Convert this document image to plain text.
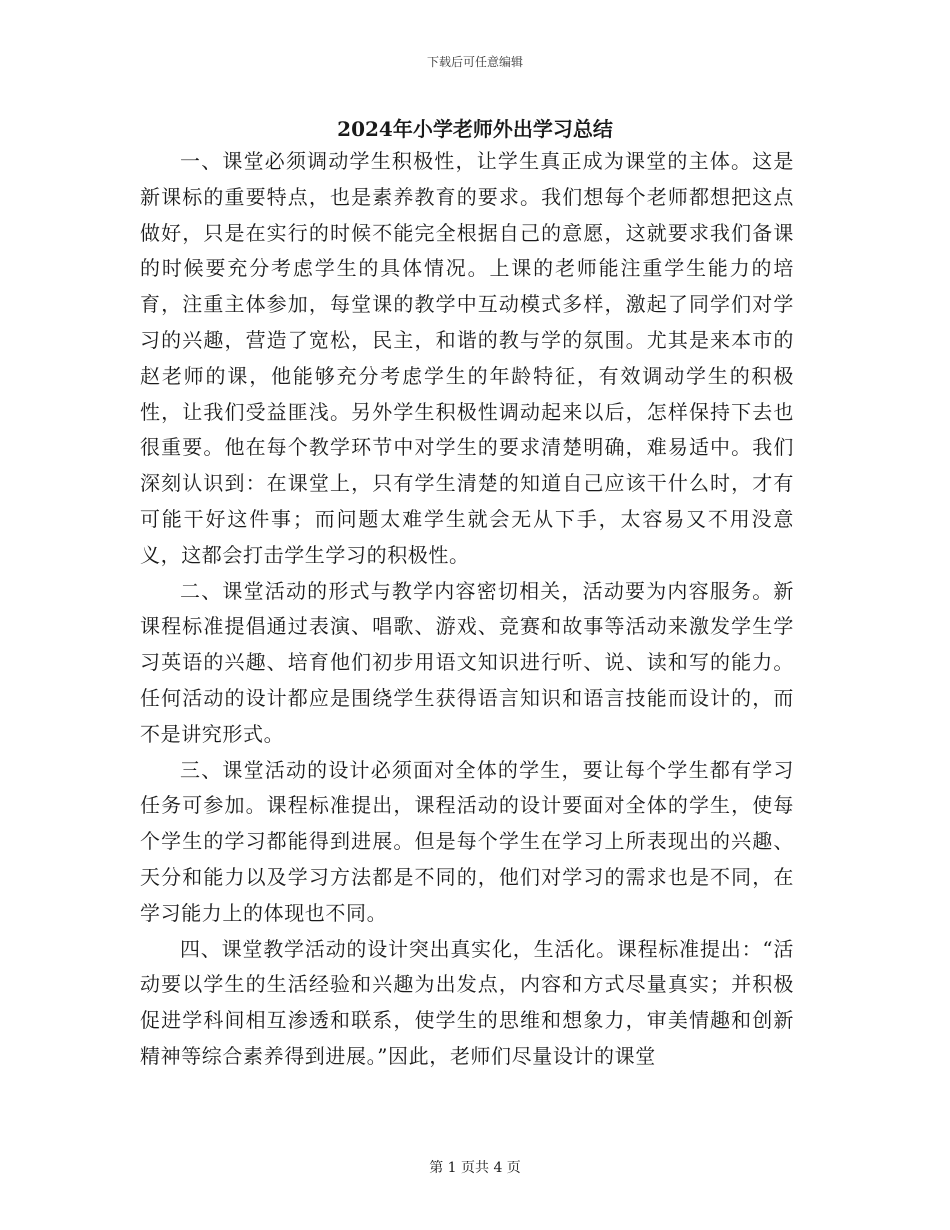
下载后可任意编辑
2024年小学老师外出学习总结

一、课堂必须调动学生积极性，让学生真正成为课堂的主体。这是新课标的重要特点，也是素养教育的要求。我们想每个老师都想把这点做好，只是在实行的时候不能完全根据自己的意愿，这就要求我们备课的时候要充分考虑学生的具体情况。上课的老师能注重学生能力的培育，注重主体参加，每堂课的教学中互动模式多样，激起了同学们对学习的兴趣，营造了宽松，民主，和谐的教与学的氛围。尤其是来本市的赵老师的课，他能够充分考虑学生的年龄特征，有效调动学生的积极性，让我们受益匪浅。另外学生积极性调动起来以后，怎样保持下去也很重要。他在每个教学环节中对学生的要求清楚明确，难易适中。我们深刻认识到：在课堂上，只有学生清楚的知道自己应该干什么时，才有可能干好这件事；而问题太难学生就会无从下手，太容易又不用没意义，这都会打击学生学习的积极性。

二、课堂活动的形式与教学内容密切相关，活动要为内容服务。新课程标准提倡通过表演、唱歌、游戏、竞赛和故事等活动来激发学生学习英语的兴趣、培育他们初步用语文知识进行听、说、读和写的能力。任何活动的设计都应是围绕学生获得语言知识和语言技能而设计的，而不是讲究形式。

三、课堂活动的设计必须面对全体的学生，要让每个学生都有学习任务可参加。课程标准提出，课程活动的设计要面对全体的学生，使每个学生的学习都能得到进展。但是每个学生在学习上所表现出的兴趣、天分和能力以及学习方法都是不同的，他们对学习的需求也是不同，在学习能力上的体现也不同。

四、课堂教学活动的设计突出真实化，生活化。课程标准提出：“活动要以学生的生活经验和兴趣为出发点，内容和方式尽量真实；并积极促进学科间相互渗透和联系，使学生的思维和想象力，审美情趣和创新精神等综合素养得到进展。”因此，老师们尽量设计的课堂

第 1 页共 4 页
